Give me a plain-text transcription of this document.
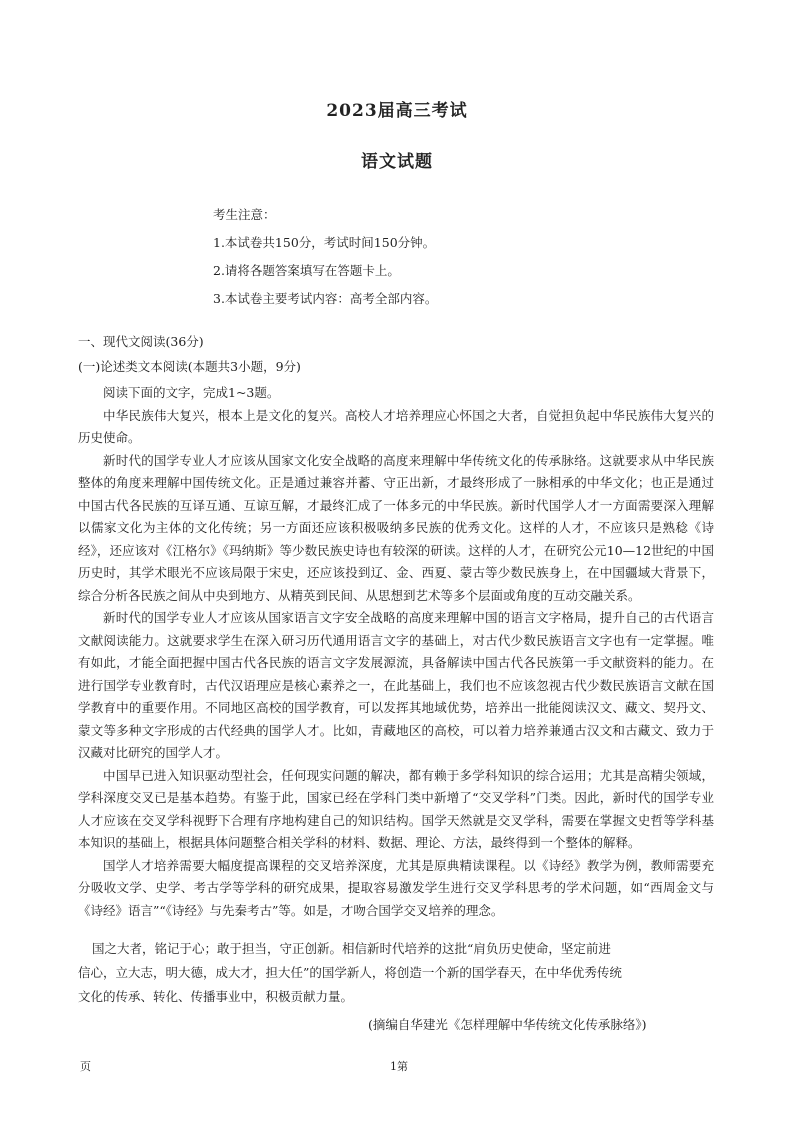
2023届高三考试
语文试题
考生注意：
1.本试卷共150分，考试时间150分钟。
2.请将各题答案填写在答题卡上。
3.本试卷主要考试内容：高考全部内容。
一、现代文阅读(36分)
(一)论述类文本阅读(本题共3小题，9分)

阅读下面的文字，完成1~3题。

中华民族伟大复兴，根本上是文化的复兴。高校人才培养理应心怀国之大者，自觉担负起中华民族伟大复兴的历史使命。

新时代的国学专业人才应该从国家文化安全战略的高度来理解中华传统文化的传承脉络。这就要求从中华民族整体的角度来理解中国传统文化。正是通过兼容并蓄、守正出新，才最终形成了一脉相承的中华文化；也正是通过中国古代各民族的互译互通、互谅互解，才最终汇成了一体多元的中华民族。新时代国学人才一方面需要深入理解以儒家文化为主体的文化传统；另一方面还应该积极吸纳多民族的优秀文化。这样的人才，不应该只是熟稔《诗经》，还应该对《江格尔》《玛纳斯》等少数民族史诗也有较深的研读。这样的人才，在研究公元10—12世纪的中国历史时，其学术眼光不应该局限于宋史，还应该投到辽、金、西夏、蒙古等少数民族身上，在中国疆域大背景下，综合分析各民族之间从中央到地方、从精英到民间、从思想到艺术等多个层面或角度的互动交融关系。

新时代的国学专业人才应该从国家语言文字安全战略的高度来理解中国的语言文字格局，提升自己的古代语言文献阅读能力。这就要求学生在深入研习历代通用语言文字的基础上，对古代少数民族语言文字也有一定掌握。唯有如此，才能全面把握中国古代各民族的语言文字发展源流，具备解读中国古代各民族第一手文献资料的能力。在进行国学专业教育时，古代汉语理应是核心素养之一，在此基础上，我们也不应该忽视古代少数民族语言文献在国学教育中的重要作用。不同地区高校的国学教育，可以发挥其地域优势，培养出一批能阅读汉文、藏文、契丹文、蒙文等多种文字形成的古代经典的国学人才。比如，青藏地区的高校，可以着力培养兼通古汉文和古藏文、致力于汉藏对比研究的国学人才。

中国早已进入知识驱动型社会，任何现实问题的解决，都有赖于多学科知识的综合运用；尤其是高精尖领域，学科深度交叉已是基本趋势。有鉴于此，国家已经在学科门类中新增了“交叉学科”门类。因此，新时代的国学专业人才应该在交叉学科视野下合理有序地构建自己的知识结构。国学天然就是交叉学科，需要在掌握文史哲等学科基本知识的基础上，根据具体问题整合相关学科的材料、数据、理论、方法，最终得到一个整体的解释。

国学人才培养需要大幅度提高课程的交叉培养深度，尤其是原典精读课程。以《诗经》教学为例，教师需要充分吸收文学、史学、考古学等学科的研究成果，提取容易激发学生进行交叉学科思考的学术问题，如“西周金文与《诗经》语言”“《诗经》与先秦考古”等。如是，才吻合国学交叉培养的理念。

国之大者，铭记于心；敢于担当，守正创新。相信新时代培养的这批“肩负历史使命，坚定前进
信心，立大志，明大德，成大才，担大任”的国学新人，将创造一个新的国学春天，在中华优秀传统
文化的传承、转化、传播事业中，积极贡献力量。
(摘编自华建光《怎样理解中华传统文化传承脉络》)
页	1第
